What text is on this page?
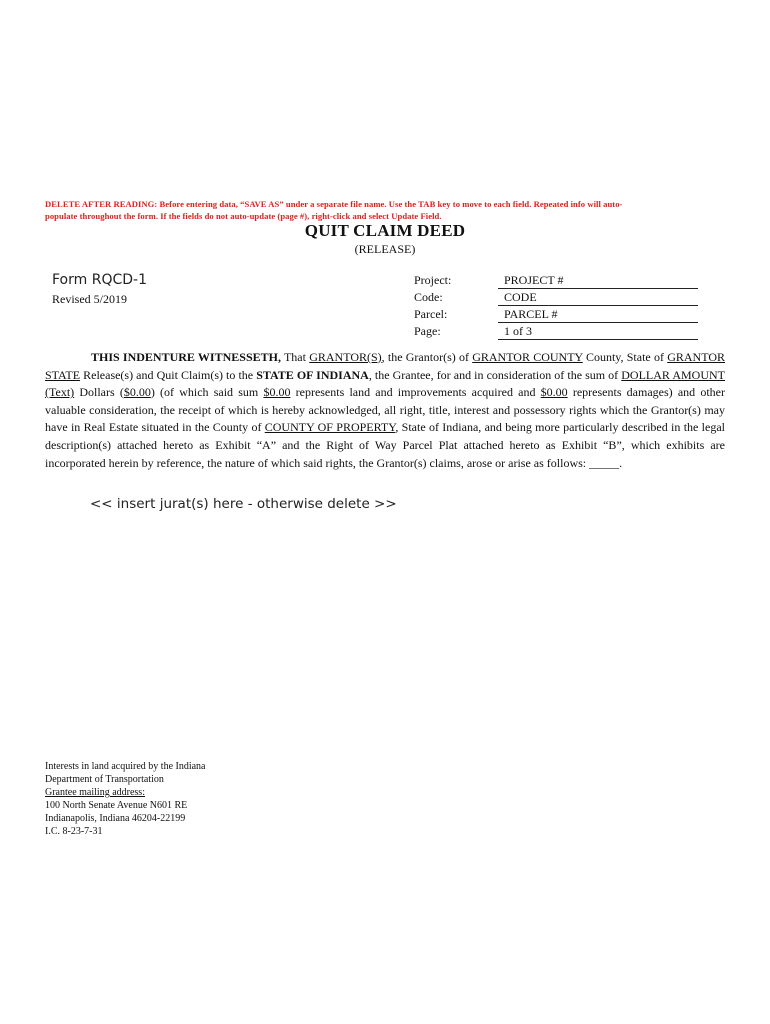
DELETE AFTER READING: Before entering data, “SAVE AS” under a separate file name. Use the TAB key to move to each field. Repeated info will auto-
populate throughout the form. If the fields do not auto-update (page #), right-click and select Update Field.
QUIT CLAIM DEED
(RELEASE)
Form RQCD-1
Revised 5/2019
Project:	PROJECT #
Code:	CODE
Parcel:	PARCEL #
Page:	1 of 3
THIS INDENTURE WITNESSETH, That GRANTOR(S), the Grantor(s) of GRANTOR COUNTY County, State of GRANTOR STATE Release(s) and Quit Claim(s) to the STATE OF INDIANA, the Grantee, for and in consideration of the sum of DOLLAR AMOUNT (Text) Dollars ($0.00) (of which said sum $0.00 represents land and improvements acquired and $0.00 represents damages) and other valuable consideration, the receipt of which is hereby acknowledged, all right, title, interest and possessory rights which the Grantor(s) may have in Real Estate situated in the County of COUNTY OF PROPERTY, State of Indiana, and being more particularly described in the legal description(s) attached hereto as Exhibit “A” and the Right of Way Parcel Plat attached hereto as Exhibit “B”, which exhibits are incorporated herein by reference, the nature of which said rights, the Grantor(s) claims, arose or arise as follows: _____.
<< insert jurat(s) here - otherwise delete >>
Interests in land acquired by the Indiana
Department of Transportation
Grantee mailing address:
100 North Senate Avenue N601 RE
Indianapolis, Indiana 46204-22199
I.C. 8-23-7-31
